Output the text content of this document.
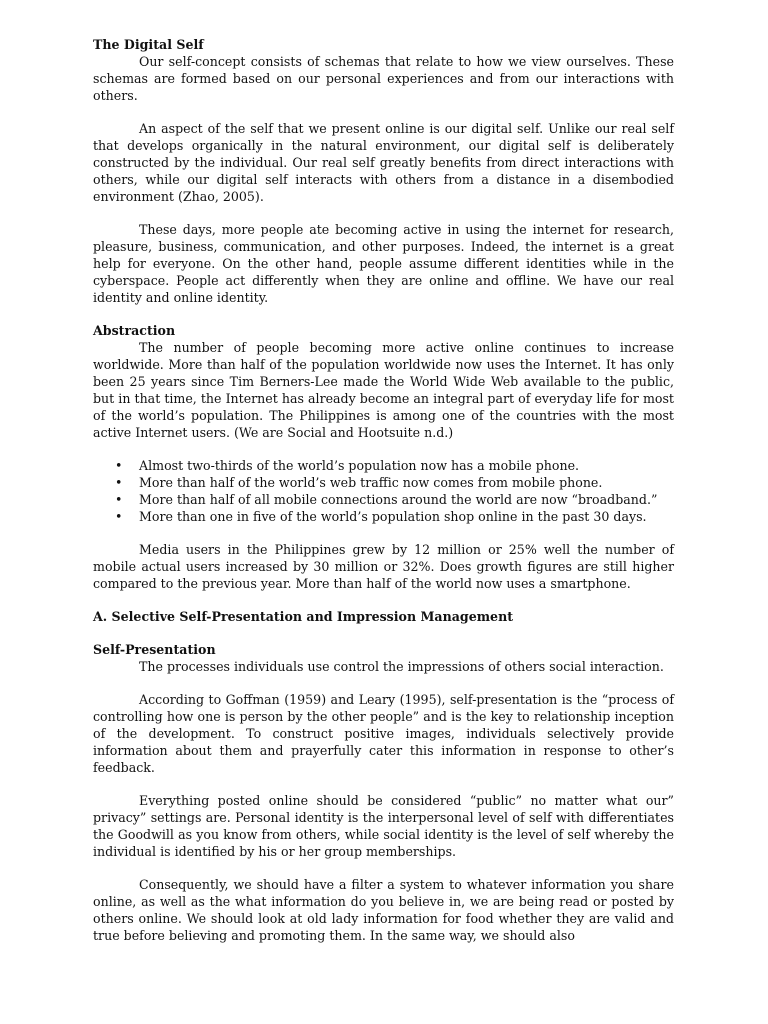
The Digital Self

Our self-concept consists of schemas that relate to how we view ourselves. These schemas are formed based on our personal experiences and from our interactions with others.

An aspect of the self that we present online is our digital self. Unlike our real self that develops organically in the natural environment, our digital self is deliberately constructed by the individual. Our real self greatly benefits from direct interactions with others, while our digital self interacts with others from a distance in a disembodied environment (Zhao, 2005).

These days, more people ate becoming active in using the internet for research, pleasure, business, communication, and other purposes. Indeed, the internet is a great help for everyone. On the other hand, people assume different identities while in the cyberspace. People act differently when they are online and offline. We have our real identity and online identity.

Abstraction

The number of people becoming more active online continues to increase worldwide. More than half of the population worldwide now uses the Internet. It has only been 25 years since Tim Berners-Lee made the World Wide Web available to the public, but in that time, the Internet has already become an integral part of everyday life for most of the world’s population. The Philippines is among one of the countries with the most active Internet users. (We are Social and Hootsuite n.d.)

• Almost two-thirds of the world’s population now has a mobile phone.
• More than half of the world’s web traffic now comes from mobile phone.
• More than half of all mobile connections around the world are now “broadband.”
• More than one in five of the world’s population shop online in the past 30 days.

Media users in the Philippines grew by 12 million or 25% well the number of mobile actual users increased by 30 million or 32%. Does growth figures are still higher compared to the previous year. More than half of the world now uses a smartphone.

A. Selective Self-Presentation and Impression Management

Self-Presentation

The processes individuals use control the impressions of others social interaction.

According to Goffman (1959) and Leary (1995), self-presentation is the “process of controlling how one is person by the other people” and is the key to relationship inception of the development. To construct positive images, individuals selectively provide information about them and prayerfully cater this information in response to other’s feedback.

Everything posted online should be considered “public” no matter what our” privacy” settings are. Personal identity is the interpersonal level of self with differentiates the Goodwill as you know from others, while social identity is the level of self whereby the individual is identified by his or her group memberships.

Consequently, we should have a filter a system to whatever information you share online, as well as the what information do you believe in, we are being read or posted by others online. We should look at old lady information for food whether they are valid and true before believing and promoting them. In the same way, we should also
